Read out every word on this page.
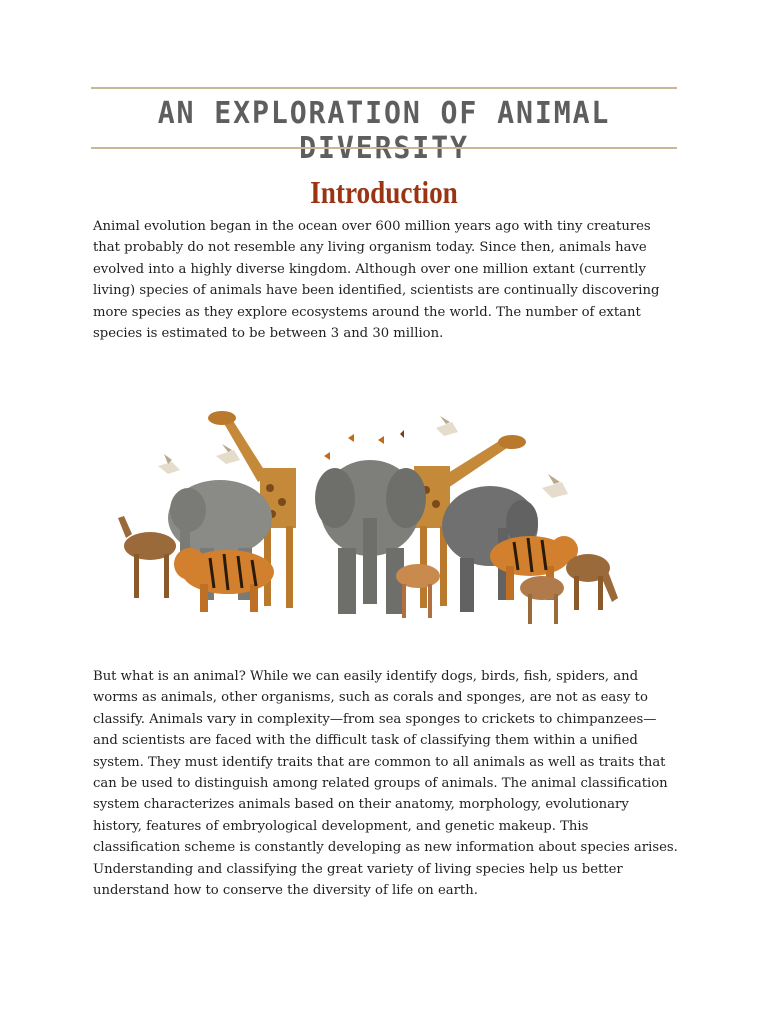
AN EXPLORATION OF ANIMAL DIVERSITY
Introduction

Animal evolution began in the ocean over 600 million years ago with tiny creatures that probably do not resemble any living organism today. Since then, animals have evolved into a highly diverse kingdom. Although over one million extant (currently living) species of animals have been identified, scientists are continually discovering more species as they explore ecosystems around the world. The number of extant species is estimated to be between 3 and 30 million.

But what is an animal? While we can easily identify dogs, birds, fish, spiders, and worms as animals, other organisms, such as corals and sponges, are not as easy to classify. Animals vary in complexity—from sea sponges to crickets to chimpanzees—and scientists are faced with the difficult task of classifying them within a unified system. They must identify traits that are common to all animals as well as traits that can be used to distinguish among related groups of animals. The animal classification system characterizes animals based on their anatomy, morphology, evolutionary history, features of embryological development, and genetic makeup. This classification scheme is constantly developing as new information about species arises. Understanding and classifying the great variety of living species help us better understand how to conserve the diversity of life on earth.
